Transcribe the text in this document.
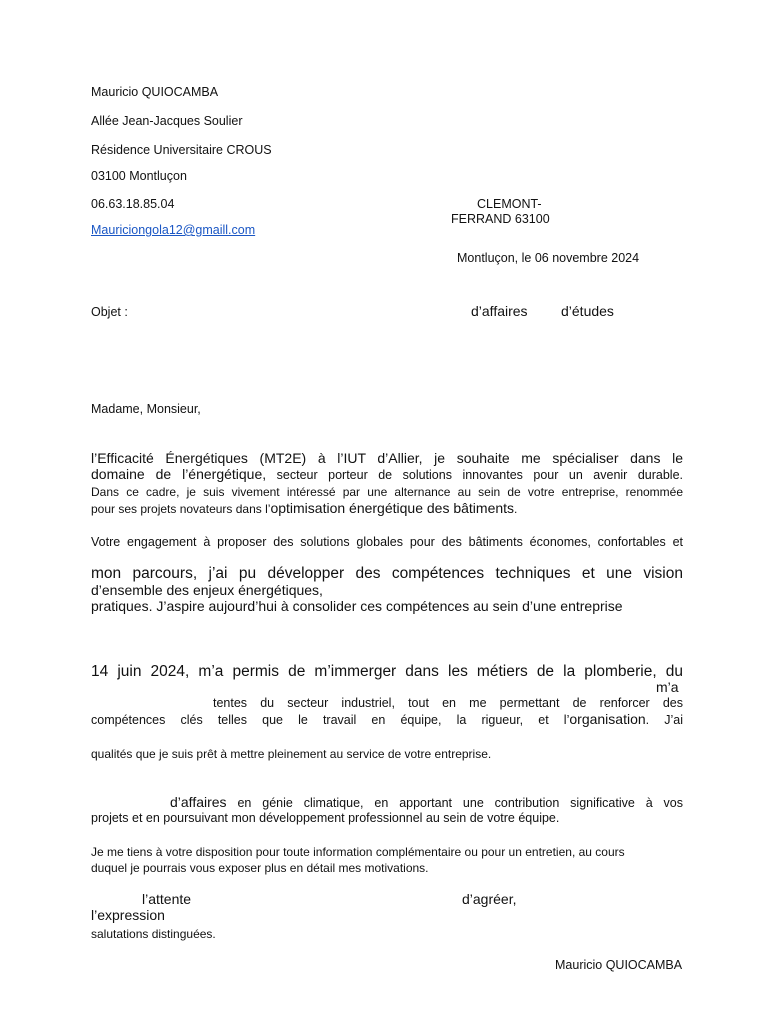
Mauricio QUIOCAMBA
Allée Jean-Jacques Soulier
Résidence Universitaire CROUS
03100 Montluçon
06.63.18.85.04
Mauriciongola12@gmaill.com
CLEMONT-
FERRAND 63100
Montluçon, le 06 novembre 2024
Objet :	d’affaires d’études
Madame, Monsieur,
l’Efficacité Énergétiques (MT2E) à l’IUT d’Allier, je souhaite me spécialiser dans le
domaine de l’énergétique, secteur porteur de solutions innovantes pour un avenir durable.
Dans ce cadre, je suis vivement intéressé par une alternance au sein de votre entreprise, renommée
pour ses projets novateurs dans l’optimisation énergétique des bâtiments.
Votre engagement à proposer des solutions globales pour des bâtiments économes, confortables et
mon parcours, j’ai pu développer des compétences techniques et une vision
d’ensemble des enjeux énergétiques,
pratiques. J’aspire aujourd’hui à consolider ces compétences au sein d’une entreprise
14 juin 2024, m’a permis de m’immerger dans les métiers de la plomberie, du
m’a
tentes du secteur industriel, tout en me permettant de renforcer des
compétences clés telles que le travail en équipe, la rigueur, et l’organisation. J’ai
qualités que je suis prêt à mettre pleinement au service de votre entreprise.
d’affaires en génie climatique, en apportant une contribution significative à vos
projets et en poursuivant mon développement professionnel au sein de votre équipe.
Je me tiens à votre disposition pour toute information complémentaire ou pour un entretien, au cours
duquel je pourrais vous exposer plus en détail mes motivations.
l’attente	d’agréer,
l’expression
salutations distinguées.
Mauricio QUIOCAMBA
